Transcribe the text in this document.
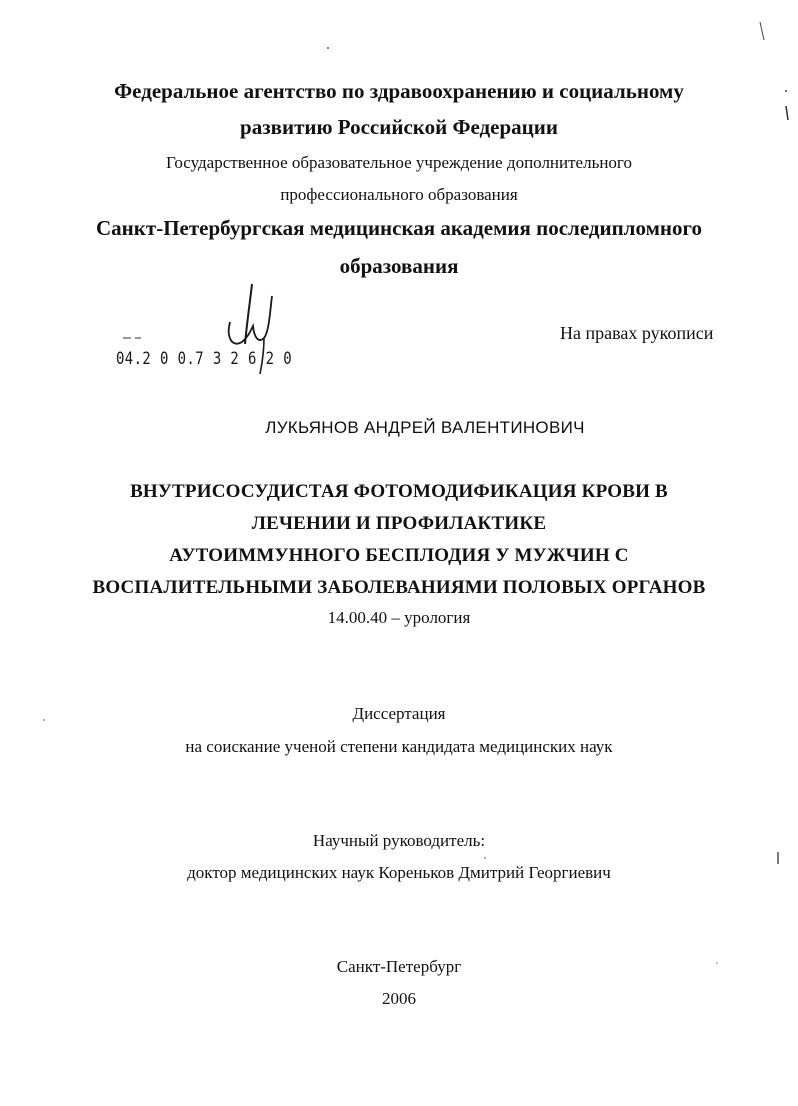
Федеральное агентство по здравоохранению и социальному
развитию Российской Федерации
Государственное образовательное учреждение дополнительного
профессионального образования
Санкт-Петербургская медицинская академия последипломного
образования
04.2 0 0.7 3 2 6 2 0
На правах рукописи
ЛУКЬЯНОВ АНДРЕЙ ВАЛЕНТИНОВИЧ
ВНУТРИСОСУДИСТАЯ ФОТОМОДИФИКАЦИЯ КРОВИ В
ЛЕЧЕНИИ И ПРОФИЛАКТИКЕ
АУТОИММУННОГО БЕСПЛОДИЯ У МУЖЧИН С
ВОСПАЛИТЕЛЬНЫМИ ЗАБОЛЕВАНИЯМИ ПОЛОВЫХ ОРГАНОВ
14.00.40 – урология
Диссертация
на соискание ученой степени кандидата медицинских наук
Научный руководитель:
доктор медицинских наук Кореньков Дмитрий Георгиевич
Санкт-Петербург
2006
